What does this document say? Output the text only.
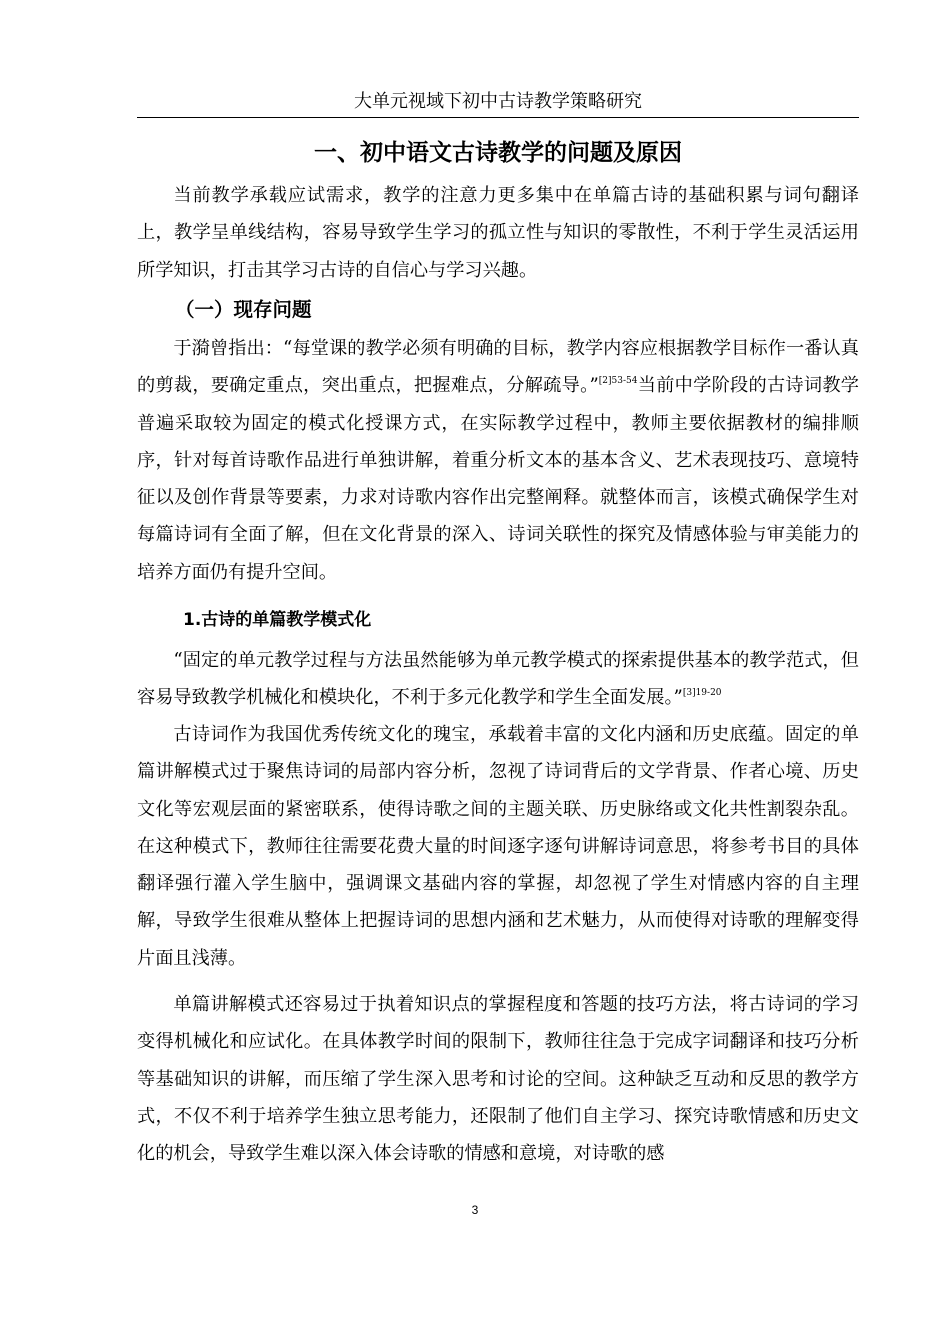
大单元视域下初中古诗教学策略研究
一、初中语文古诗教学的问题及原因

当前教学承载应试需求，教学的注意力更多集中在单篇古诗的基础积累与词句翻译上，教学呈单线结构，容易导致学生学习的孤立性与知识的零散性，不利于学生灵活运用所学知识，打击其学习古诗的自信心与学习兴趣。

（一）现存问题

于漪曾指出：“每堂课的教学必须有明确的目标，教学内容应根据教学目标作一番认真的剪裁，要确定重点，突出重点，把握难点，分解疏导。”$^{[2]53-54}$当前中学阶段的古诗词教学普遍采取较为固定的模式化授课方式，在实际教学过程中，教师主要依据教材的编排顺序，针对每首诗歌作品进行单独讲解，着重分析文本的基本含义、艺术表现技巧、意境特征以及创作背景等要素，力求对诗歌内容作出完整阐释。就整体而言，该模式确保学生对每篇诗词有全面了解，但在文化背景的深入、诗词关联性的探究及情感体验与审美能力的培养方面仍有提升空间。

1.古诗的单篇教学模式化

“固定的单元教学过程与方法虽然能够为单元教学模式的探索提供基本的教学范式，但容易导致教学机械化和模块化，不利于多元化教学和学生全面发展。”$^{[3]19-20}$

古诗词作为我国优秀传统文化的瑰宝，承载着丰富的文化内涵和历史底蕴。固定的单篇讲解模式过于聚焦诗词的局部内容分析，忽视了诗词背后的文学背景、作者心境、历史文化等宏观层面的紧密联系，使得诗歌之间的主题关联、历史脉络或文化共性割裂杂乱。在这种模式下，教师往往需要花费大量的时间逐字逐句讲解诗词意思，将参考书目的具体翻译强行灌入学生脑中，强调课文基础内容的掌握，却忽视了学生对情感内容的自主理解，导致学生很难从整体上把握诗词的思想内涵和艺术魅力，从而使得对诗歌的理解变得片面且浅薄。

单篇讲解模式还容易过于执着知识点的掌握程度和答题的技巧方法，将古诗词的学习变得机械化和应试化。在具体教学时间的限制下，教师往往急于完成字词翻译和技巧分析等基础知识的讲解，而压缩了学生深入思考和讨论的空间。这种缺乏互动和反思的教学方式，不仅不利于培养学生独立思考能力，还限制了他们自主学习、探究诗歌情感和历史文化的机会，导致学生难以深入体会诗歌的情感和意境，对诗歌的感

3
